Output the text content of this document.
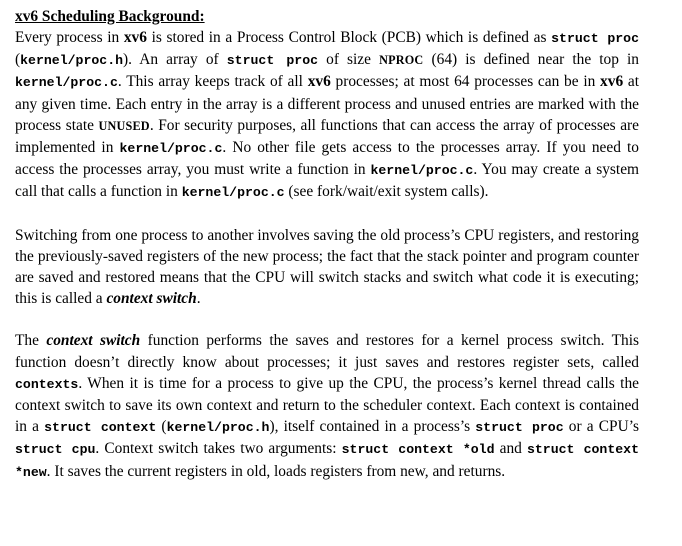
xv6 Scheduling Background:

Every process in xv6 is stored in a Process Control Block (PCB) which is defined as struct proc (kernel/proc.h). An array of struct proc of size NPROC (64) is defined near the top in kernel/proc.c. This array keeps track of all xv6 processes; at most 64 processes can be in xv6 at any given time. Each entry in the array is a different process and unused entries are marked with the process state UNUSED. For security purposes, all functions that can access the array of processes are implemented in kernel/proc.c. No other file gets access to the processes array. If you need to access the processes array, you must write a function in kernel/proc.c. You may create a system call that calls a function in kernel/proc.c (see fork/wait/exit system calls).

Switching from one process to another involves saving the old process’s CPU registers, and restoring the previously-saved registers of the new process; the fact that the stack pointer and program counter are saved and restored means that the CPU will switch stacks and switch what code it is executing; this is called a context switch.

The context switch function performs the saves and restores for a kernel process switch. This function doesn’t directly know about processes; it just saves and restores register sets, called contexts. When it is time for a process to give up the CPU, the process’s kernel thread calls the context switch to save its own context and return to the scheduler context. Each context is contained in a struct context (kernel/proc.h), itself contained in a process’s struct proc or a CPU’s struct cpu. Context switch takes two arguments: struct context *old and struct context *new. It saves the current registers in old, loads registers from new, and returns.
